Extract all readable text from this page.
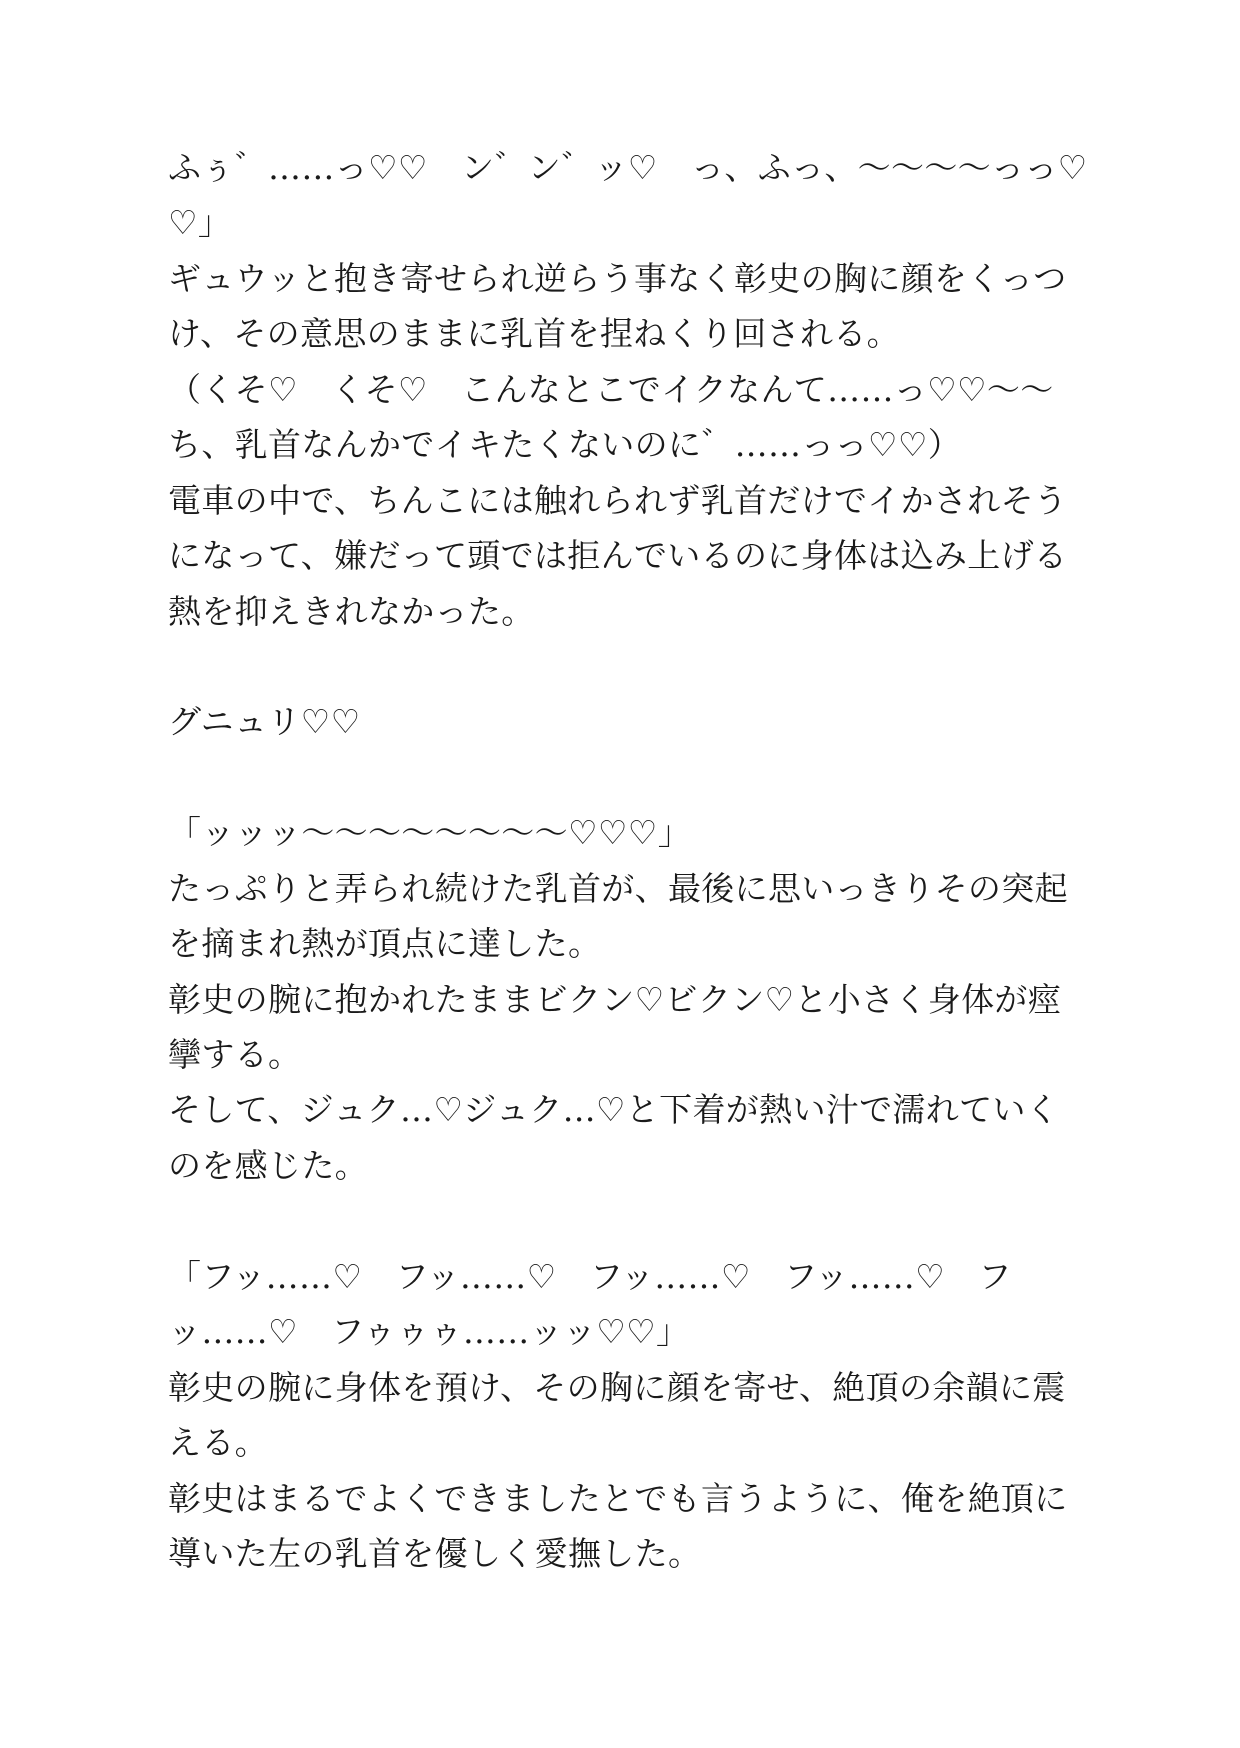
ふぅ゛……っ♡♡　ン゛ン゛ッ♡　っ、ふっ、〜〜〜〜っっ♡♡」

ギュウッと抱き寄せられ逆らう事なく彰史の胸に顔をくっつけ、その意思のままに乳首を捏ねくり回される。

（くそ♡　くそ♡　こんなとこでイクなんて……っ♡♡〜〜ち、乳首なんかでイキたくないのに゛……っっ♡♡）

電車の中で、ちんこには触れられず乳首だけでイかされそうになって、嫌だって頭では拒んでいるのに身体は込み上げる熱を抑えきれなかった。

グニュリ♡♡

「ッッッ〜〜〜〜〜〜〜〜♡♡♡」

たっぷりと弄られ続けた乳首が、最後に思いっきりその突起を摘まれ熱が頂点に達した。

彰史の腕に抱かれたままビクン♡ビクン♡と小さく身体が痙攣する。

そして、ジュク…♡ジュク…♡と下着が熱い汁で濡れていくのを感じた。

「フッ……♡　フッ……♡　フッ……♡　フッ……♡　フッ……♡　フゥゥゥ……ッッ♡♡」

彰史の腕に身体を預け、その胸に顔を寄せ、絶頂の余韻に震える。

彰史はまるでよくできましたとでも言うように、俺を絶頂に導いた左の乳首を優しく愛撫した。
